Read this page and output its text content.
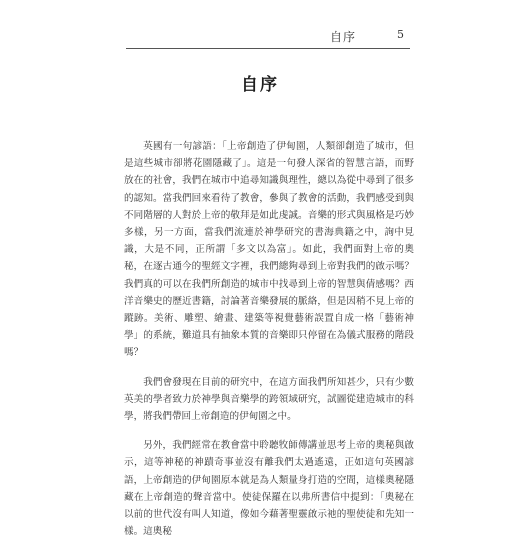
自序	5
自序

英國有一句諺語：「上帝創造了伊甸園，人類卻創造了城市，但是這些城市卻將花園隱藏了」。這是一句發人深省的智慧言語，而野放在的社會，我們在城市中追尋知識與理性，總以為從中尋到了很多的認知。當我們回來看待了教會，參與了教會的活動，我們感受到與不同階層的人對於上帝的敬拜是如此虔誠。音樂的形式與風格是巧妙多樣，另一方面，當我們流連於神學研究的書海典籍之中，詢中見識，大是不同，正所謂「多文以為富」。如此，我們面對上帝的奧秘，在逐古通今的聖經文字裡，我們總夠尋到上帝對我們的啟示嗎？我們真的可以在我們所創造的城市中找尋到上帝的智慧與倩感嗎？西洋音樂史的歷近書籍，討論著音樂發展的脈絡，但是因稍不見上帝的蹤跡。美術、雕塑、繪畫、建築等視覺藝術誤置自成一格「藝術神學」的系統，難道具有抽象本質的音樂即只停留在為儀式服務的階段嗎？

我們會發現在目前的研究中，在這方面我們所知甚少，只有少數英美的學者致力於神學與音樂學的跨領域研究，試圖從建造城市的科學，將我們帶回上帝創造的伊甸園之中。

另外，我們經常在教會當中聆聽牧師傳講並思考上帝的奧秘與啟示，這等神秘的神蹟奇事並沒有離我們太過遙遠，正如這句英國諺語，上帝創造的伊甸園原本就是為人類量身打造的空間，這樣奧秘隱藏在上帝創造的聲音當中。使徒保羅在以弗所書信中提到：「奧秘在以前的世代沒有叫人知道，像如今藉著聖靈啟示祂的聖使徒和先知一樣。這奧秘
